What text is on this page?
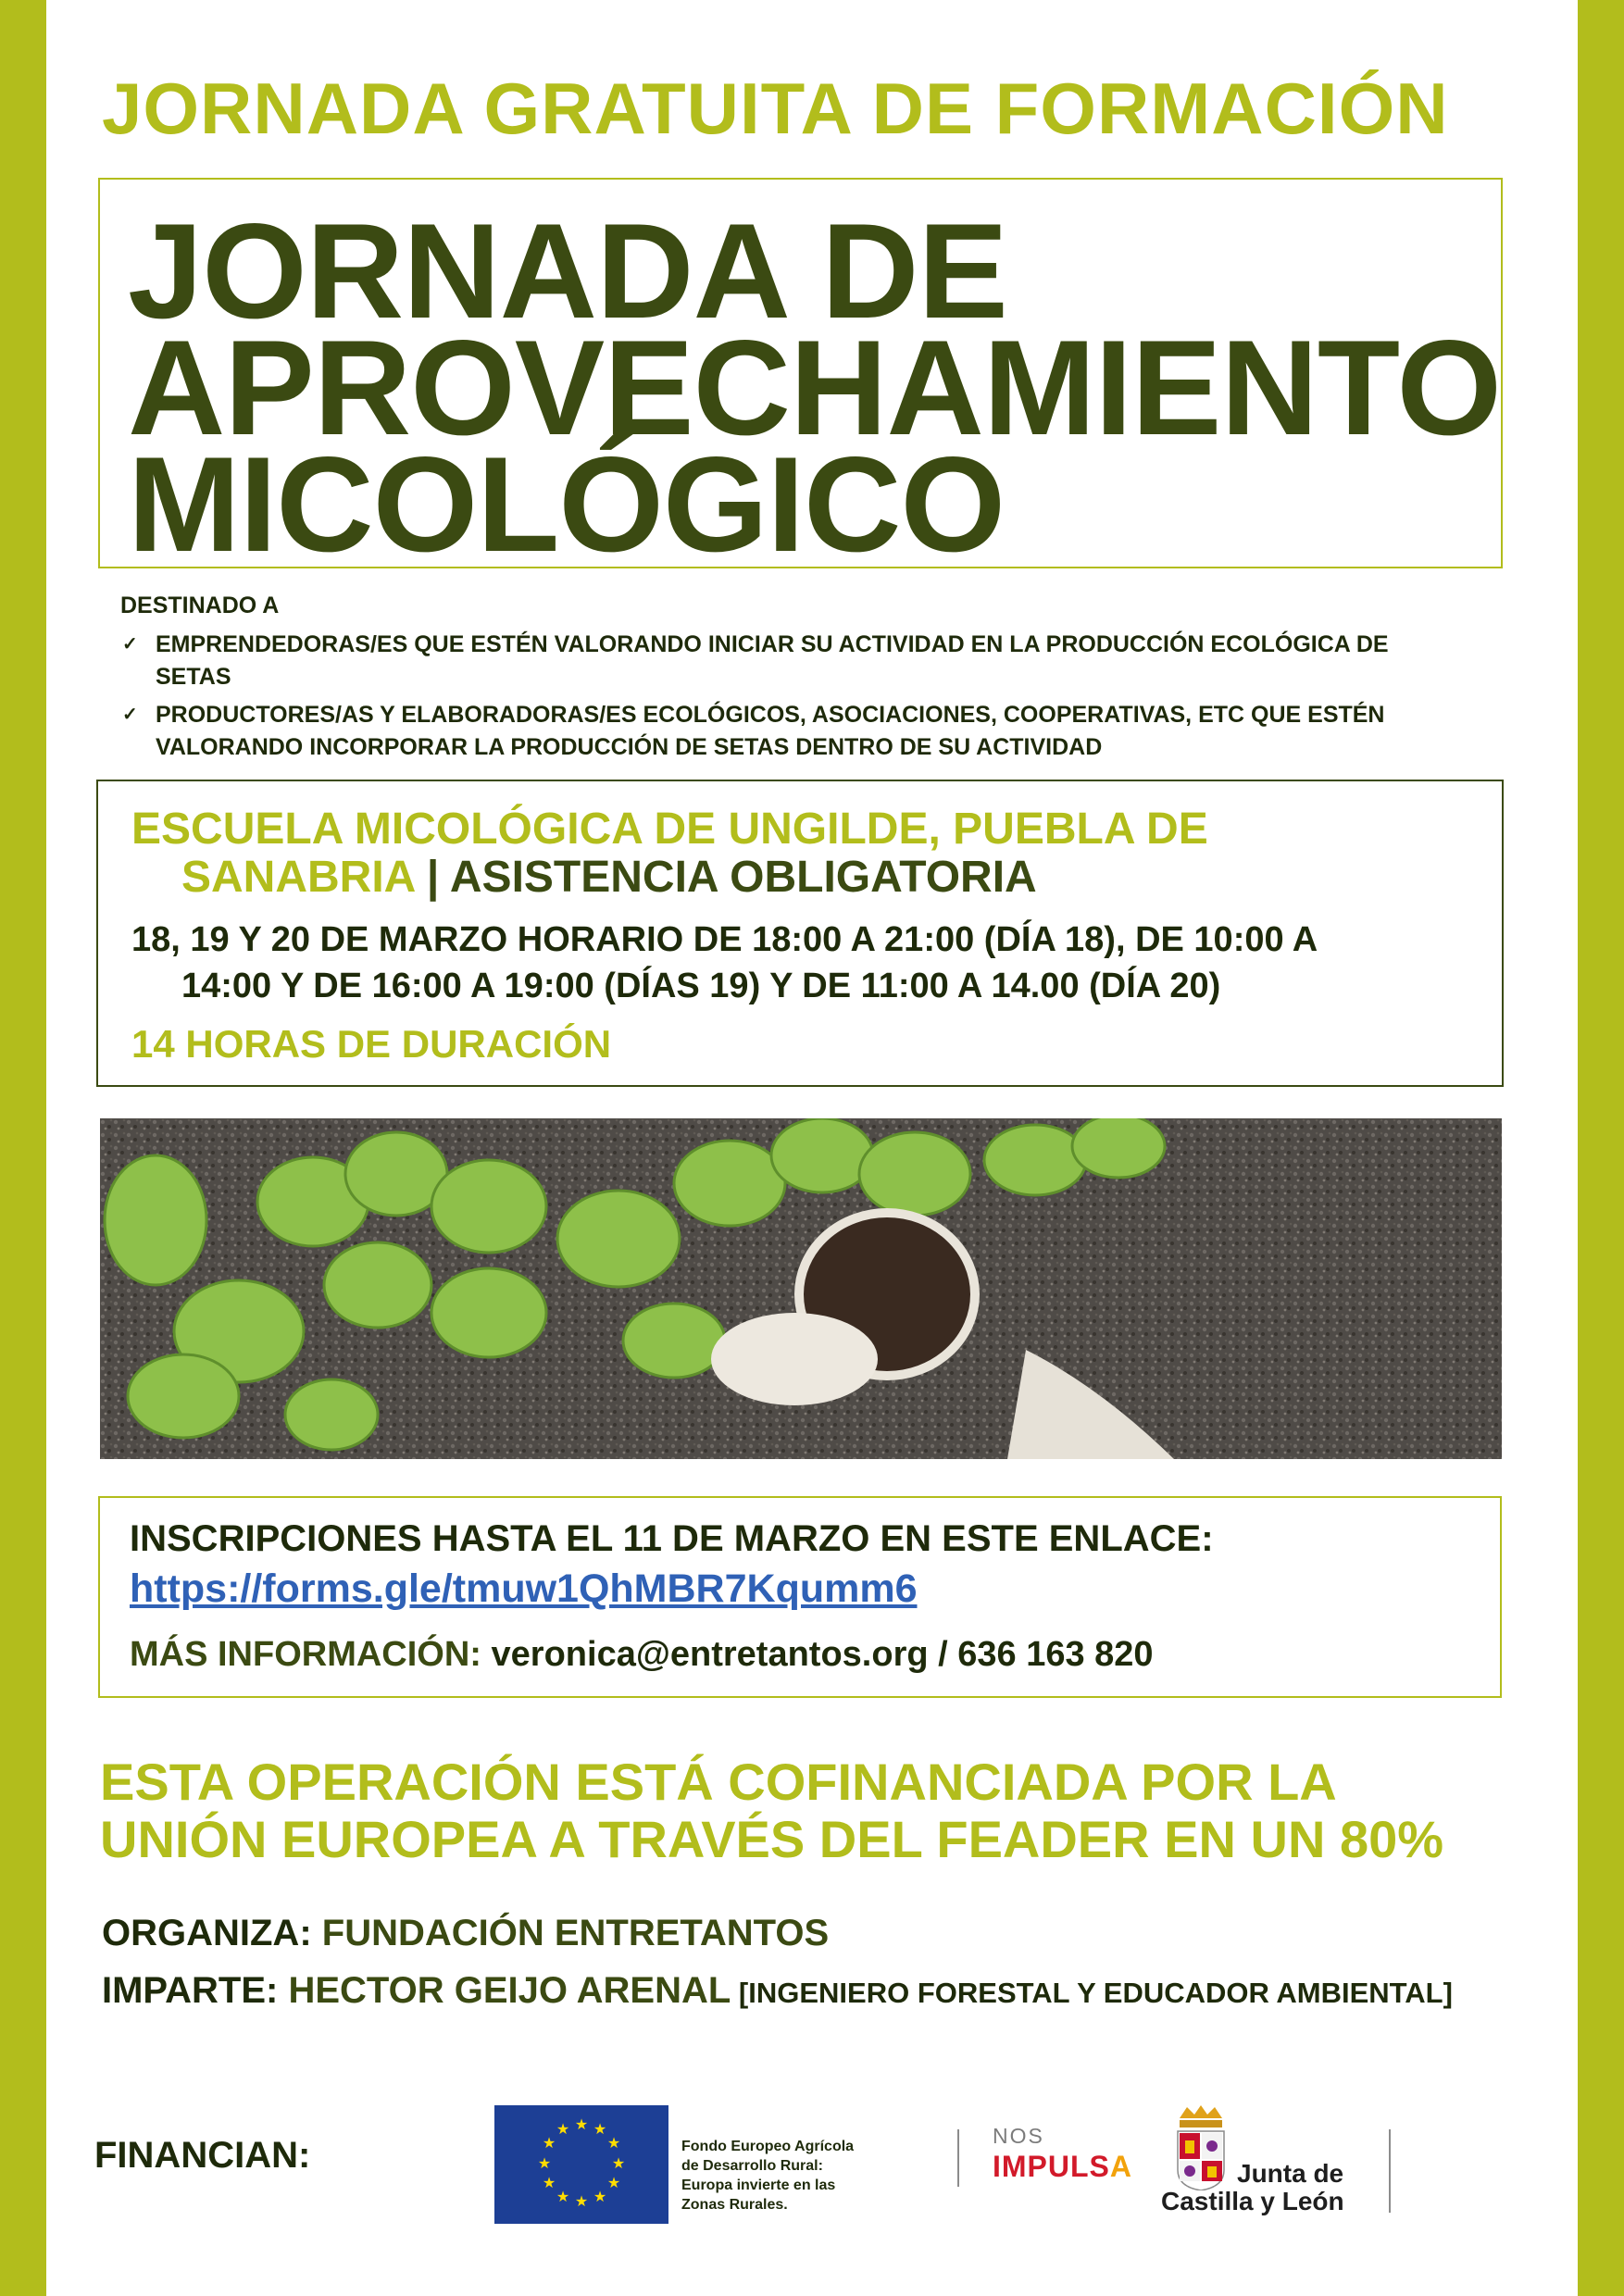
JORNADA GRATUITA DE FORMACIÓN
JORNADA DE
APROVECHAMIENTO
MICOLÓGICO
DESTINADO A
✓ EMPRENDEDORAS/ES QUE ESTÉN VALORANDO INICIAR SU ACTIVIDAD EN LA PRODUCCIÓN ECOLÓGICA DE
SETAS
✓ PRODUCTORES/AS Y ELABORADORAS/ES ECOLÓGICOS, ASOCIACIONES, COOPERATIVAS, ETC QUE ESTÉN
VALORANDO INCORPORAR LA PRODUCCIÓN DE SETAS DENTRO DE SU ACTIVIDAD
ESCUELA MICOLÓGICA DE UNGILDE, PUEBLA DE
SANABRIA | ASISTENCIA OBLIGATORIA
18, 19 Y 20 DE MARZO HORARIO DE 18:00 A 21:00 (DÍA 18), DE 10:00 A
14:00 Y DE 16:00 A 19:00 (DÍAS 19) Y DE 11:00 A 14.00 (DÍA 20)
14 HORAS DE DURACIÓN
INSCRIPCIONES HASTA EL 11 DE MARZO EN ESTE ENLACE:
https://forms.gle/tmuw1QhMBR7Kqumm6
MÁS INFORMACIÓN: veronica@entretantos.org / 636 163 820
ESTA OPERACIÓN ESTÁ COFINANCIADA POR LA
UNIÓN EUROPEA A TRAVÉS DEL FEADER EN UN 80%
ORGANIZA: FUNDACIÓN ENTRETANTOS
IMPARTE: HECTOR GEIJO ARENAL [INGENIERO FORESTAL Y EDUCADOR AMBIENTAL]
FINANCIAN:
★ ★
★
★
★
★
★
★
★
★
★
★
Fondo Europeo Agrícola
de Desarrollo Rural:
Europa invierte en las
Zonas Rurales.
NOS
IMPULSA	Junta de
Castilla y León
